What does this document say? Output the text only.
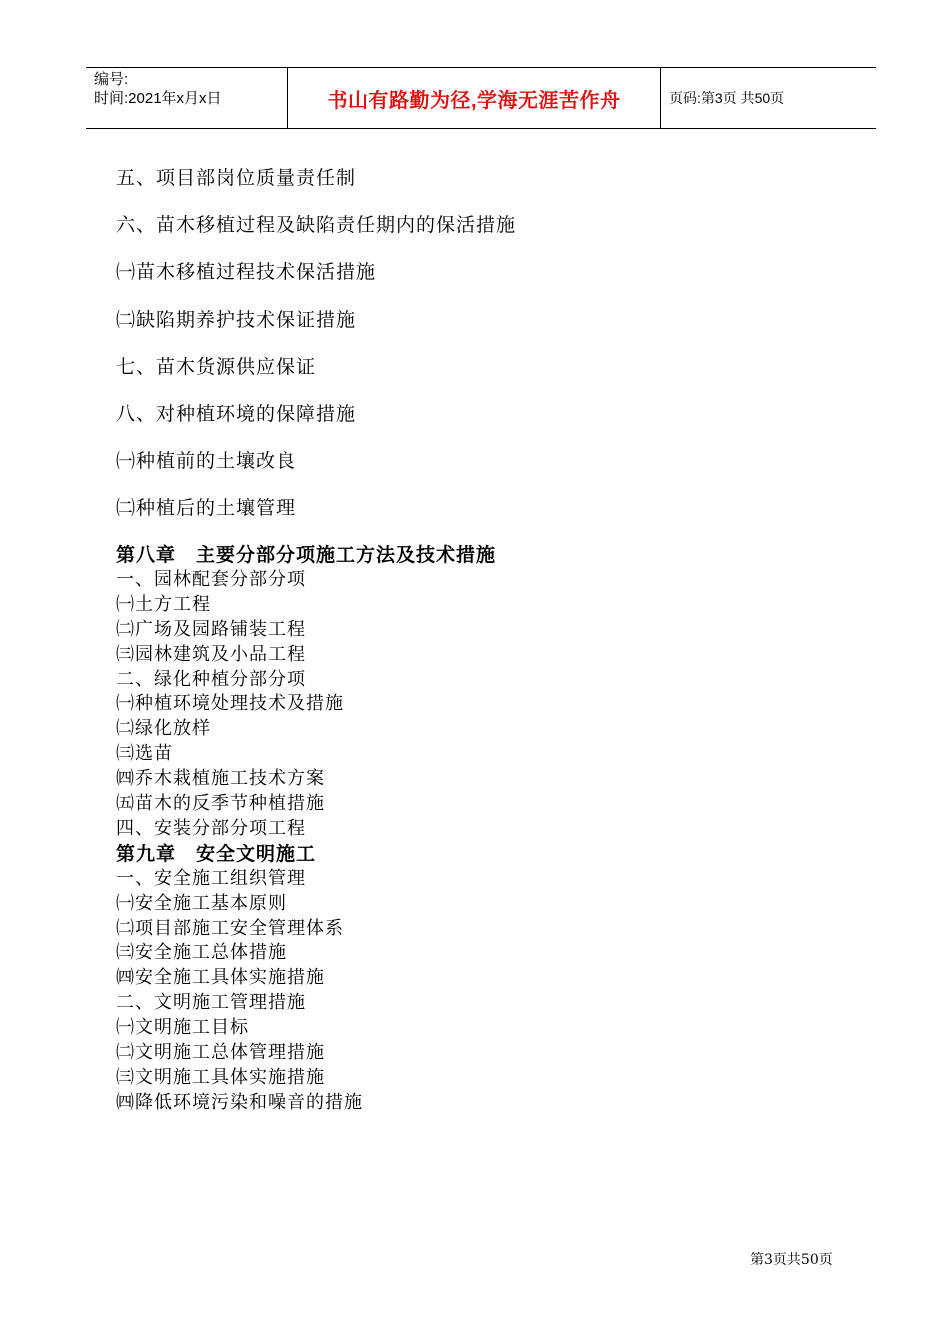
编号:
时间:2021年x月x日	书山有路勤为径,学海无涯苦作舟	页码:第3页 共50页
五、项目部岗位质量责任制
六、苗木移植过程及缺陷责任期内的保活措施
㈠苗木移植过程技术保活措施
㈡缺陷期养护技术保证措施
七、苗木货源供应保证
八、对种植环境的保障措施
㈠种植前的土壤改良
㈡种植后的土壤管理
第八章　主要分部分项施工方法及技术措施
一、园林配套分部分项
㈠土方工程
㈡广场及园路铺装工程
㈢园林建筑及小品工程
二、绿化种植分部分项
㈠种植环境处理技术及措施
㈡绿化放样
㈢选苗
㈣乔木栽植施工技术方案
㈤苗木的反季节种植措施
四、安装分部分项工程
第九章　安全文明施工
一、安全施工组织管理
㈠安全施工基本原则
㈡项目部施工安全管理体系
㈢安全施工总体措施
㈣安全施工具体实施措施
二、文明施工管理措施
㈠文明施工目标
㈡文明施工总体管理措施
㈢文明施工具体实施措施
㈣降低环境污染和噪音的措施
第3页共50页
